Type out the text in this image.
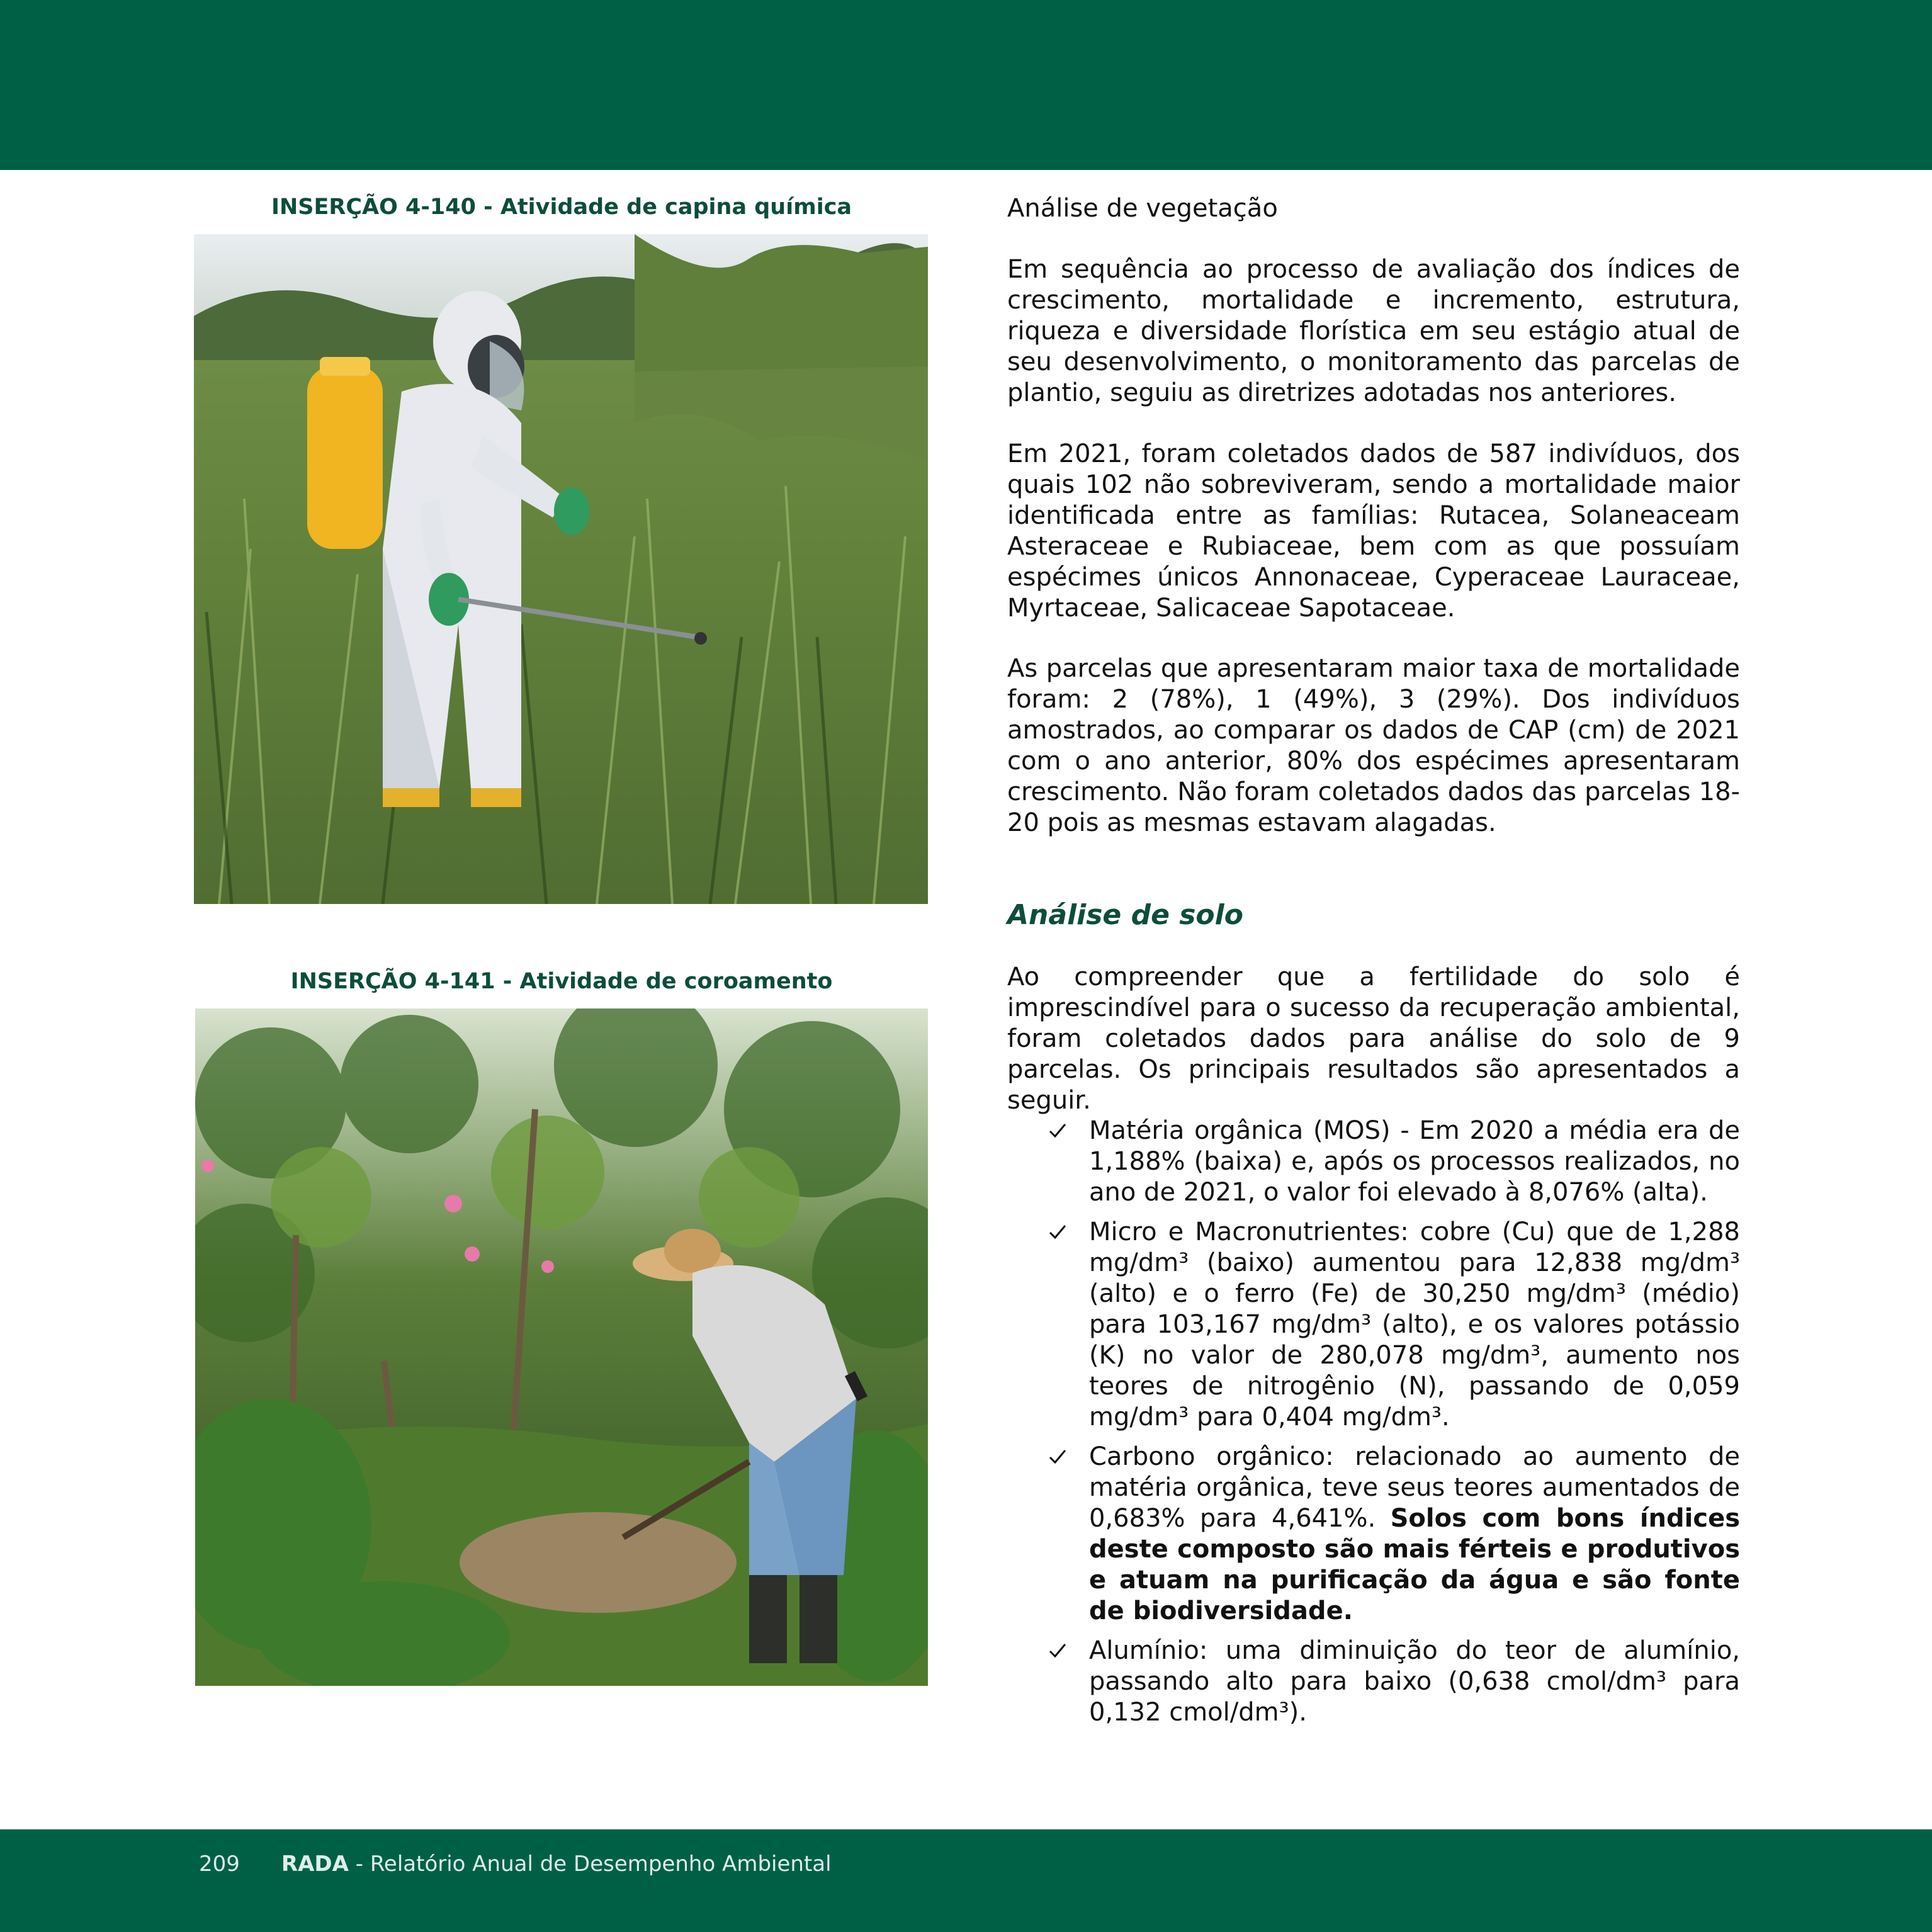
INSERÇÃO 4-140 - Atividade de capina química
INSERÇÃO 4-141 - Atividade de coroamento
Análise de vegetação

Em sequência ao processo de avaliação dos índices de crescimento, mortalidade e incremento, estrutura, riqueza e diversidade florística em seu estágio atual de seu desenvolvimento, o monitoramento das parcelas de plantio, seguiu as diretrizes adotadas nos anteriores.

Em 2021, foram coletados dados de 587 indivíduos, dos quais 102 não sobreviveram, sendo a mortalidade maior identificada entre as famílias: Rutacea, Solaneaceam Asteraceae e Rubiaceae, bem com as que possuíam espécimes únicos Annonaceae, Cyperaceae Lauraceae, Myrtaceae, Salicaceae Sapotaceae.

As parcelas que apresentaram maior taxa de mortalidade foram: 2 (78%), 1 (49%), 3 (29%). Dos indivíduos amostrados, ao comparar os dados de CAP (cm) de 2021 com o ano anterior, 80% dos espécimes apresentaram crescimento. Não foram coletados dados das parcelas 18-20 pois as mesmas estavam alagadas.

Análise de solo

Ao compreender que a fertilidade do solo é imprescindível para o sucesso da recuperação ambiental, foram coletados dados para análise do solo de 9 parcelas. Os principais resultados são apresentados a seguir.

Matéria orgânica (MOS) - Em 2020 a média era de 1,188% (baixa) e, após os processos realizados, no ano de 2021, o valor foi elevado à 8,076% (alta).
Micro e Macronutrientes: cobre (Cu) que de 1,288 mg/dm³ (baixo) aumentou para 12,838 mg/dm³ (alto) e o ferro (Fe) de 30,250 mg/dm³ (médio) para 103,167 mg/dm³ (alto), e os valores potássio (K) no valor de 280,078 mg/dm³, aumento nos teores de nitrogênio (N), passando de 0,059 mg/dm³ para 0,404 mg/dm³.
Carbono orgânico: relacionado ao aumento de matéria orgânica, teve seus teores aumentados de 0,683% para 4,641%. Solos com bons índices deste composto são mais férteis e produtivos e atuam na purificação da água e são fonte de biodiversidade.
Alumínio: uma diminuição do teor de alumínio, passando alto para baixo (0,638 cmol/dm³ para 0,132 cmol/dm³).
209 RADA - Relatório Anual de Desempenho Ambiental
